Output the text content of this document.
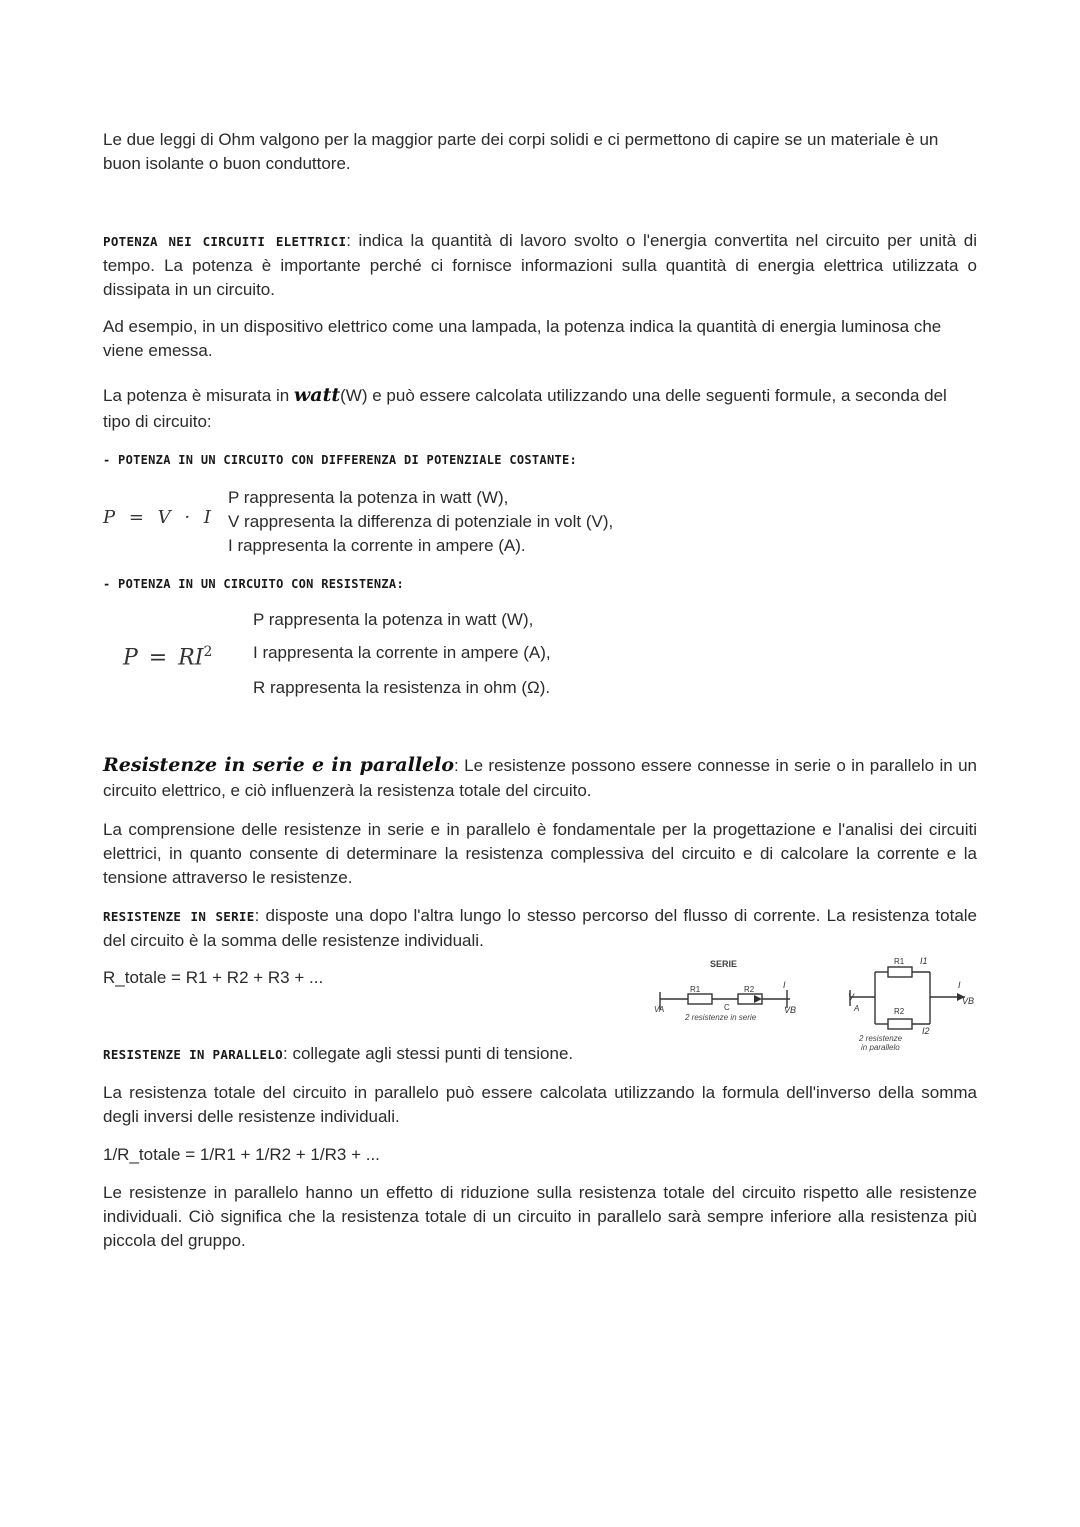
Le due leggi di Ohm valgono per la maggior parte dei corpi solidi e ci permettono di capire se un materiale è un buon isolante o buon conduttore.

POTENZA NEI CIRCUITI ELETTRICI: indica la quantità di lavoro svolto o l'energia convertita nel circuito per unità di tempo. La potenza è importante perché ci fornisce informazioni sulla quantità di energia elettrica utilizzata o dissipata in un circuito.

Ad esempio, in un dispositivo elettrico come una lampada, la potenza indica la quantità di energia luminosa che viene emessa.

La potenza è misurata in watt(W) e può essere calcolata utilizzando una delle seguenti formule, a seconda del tipo di circuito:

- POTENZA IN UN CIRCUITO CON DIFFERENZA DI POTENZIALE COSTANTE:
P = V · I
P rappresenta la potenza in watt (W),
V rappresenta la differenza di potenziale in volt (V),
I rappresenta la corrente in ampere (A).
- POTENZA IN UN CIRCUITO CON RESISTENZA:
$P = RI^2$
P rappresenta la potenza in watt (W),
I rappresenta la corrente in ampere (A),
R rappresenta la resistenza in ohm (Ω).

Resistenze in serie e in parallelo: Le resistenze possono essere connesse in serie o in parallelo in un circuito elettrico, e ciò influenzerà la resistenza totale del circuito.

La comprensione delle resistenze in serie e in parallelo è fondamentale per la progettazione e l'analisi dei circuiti elettrici, in quanto consente di determinare la resistenza complessiva del circuito e di calcolare la corrente e la tensione attraverso le resistenze.

RESISTENZE IN SERIE: disposte una dopo l'altra lungo lo stesso percorso del flusso di corrente. La resistenza totale del circuito è la somma delle resistenze individuali.

R_totale = R1 + R2 + R3 + ...

RESISTENZE IN PARALLELO: collegate agli stessi punti di tensione.

La resistenza totale del circuito in parallelo può essere calcolata utilizzando la formula dell'inverso della somma degli inversi delle resistenze individuali.

1/R_totale = 1/R1 + 1/R2 + 1/R3 + ...

Le resistenze in parallelo hanno un effetto di riduzione sulla resistenza totale del circuito rispetto alle resistenze individuali. Ciò significa che la resistenza totale di un circuito in parallelo sarà sempre inferiore alla resistenza più piccola del gruppo.

SERIE
R1	R2
C
I
VA	VB
2 resistenze in serie
R1
R2
I1
I2
I
V
A
VB
2 resistenze
in parallelo
